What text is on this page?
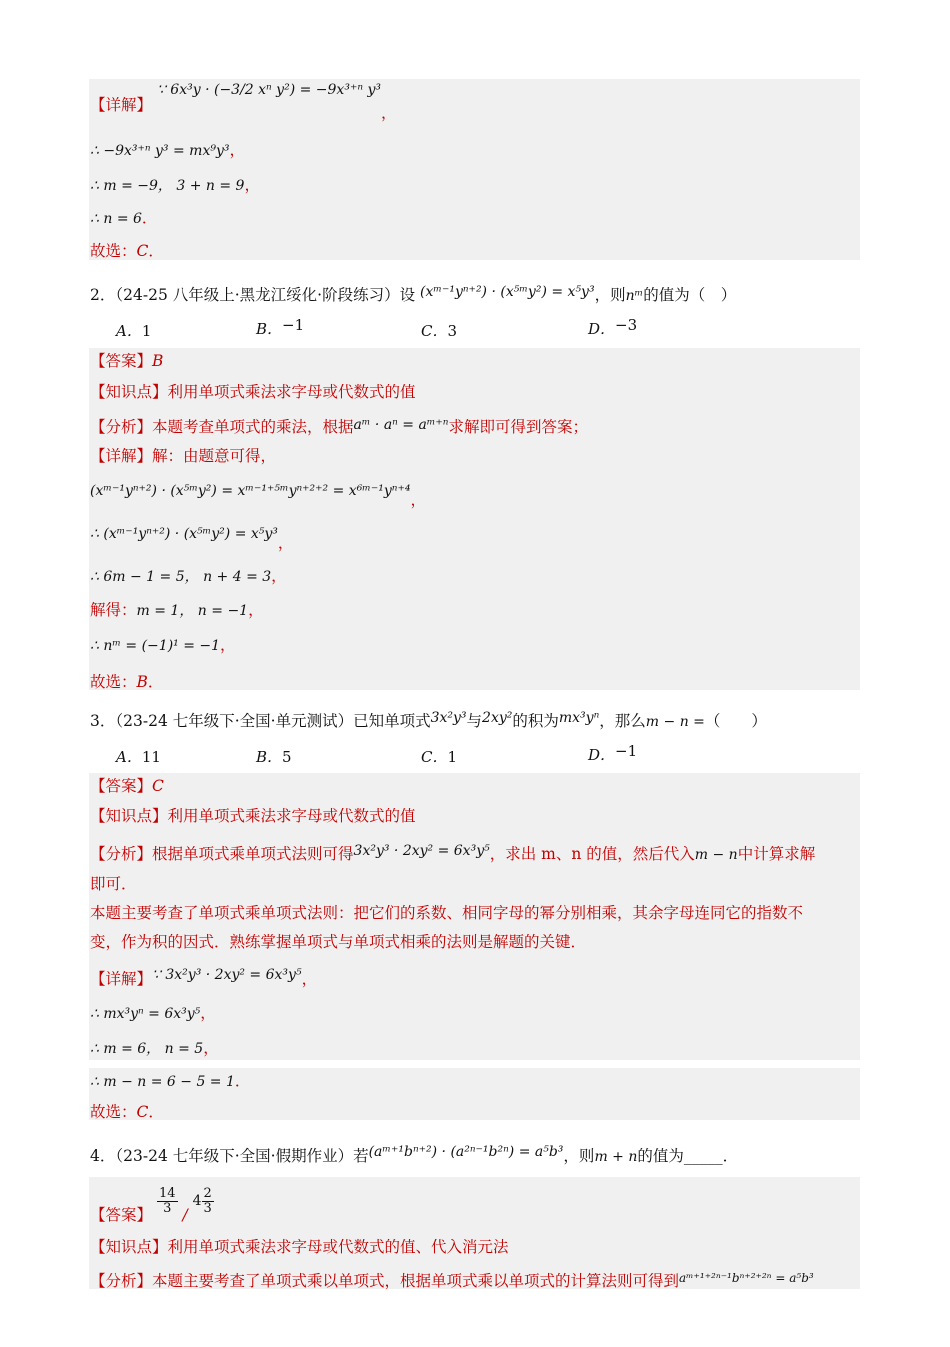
【详解】 ∵ 6x³y · (−3/2 xⁿ y²) = −9x³⁺ⁿ y³，
∴ −9x³⁺ⁿ y³ = mx⁹y³，
∴ m = −9， 3 + n = 9，
∴ n = 6．
故选：C．
2．（24-25 八年级上·黑龙江绥化·阶段练习）设 (xᵐ⁻¹yⁿ⁺²) · (x⁵ᵐy²) = x⁵y³，则nᵐ的值为（　）
A．1	B．−1	C．3	D．−3
【答案】B
【知识点】利用单项式乘法求字母或代数式的值
【分析】本题考查单项式的乘法，根据aᵐ · aⁿ = aᵐ⁺ⁿ求解即可得到答案；
【详解】解：由题意可得，
(xᵐ⁻¹yⁿ⁺²) · (x⁵ᵐy²) = xᵐ⁻¹⁺⁵ᵐyⁿ⁺²⁺² = x⁶ᵐ⁻¹yⁿ⁺⁴，
∴ (xᵐ⁻¹yⁿ⁺²) · (x⁵ᵐy²) = x⁵y³，
∴ 6m − 1 = 5， n + 4 = 3，
解得：m = 1， n = −1，
∴ nᵐ = (−1)¹ = −1，
故选：B．
3．（23-24 七年级下·全国·单元测试）已知单项式3x²y³与2xy²的积为mx³yⁿ，那么m − n =（　　）
A．11	B．5	C．1	D．−1
【答案】C
【知识点】利用单项式乘法求字母或代数式的值
【分析】根据单项式乘单项式法则可得3x²y³ · 2xy² = 6x³y⁵，求出 m、n 的值，然后代入m − n中计算求解
即可．
本题主要考查了单项式乘单项式法则：把它们的系数、相同字母的幂分别相乘，其余字母连同它的指数不
变，作为积的因式．熟练掌握单项式与单项式相乘的法则是解题的关键．
【详解】∵ 3x²y³ · 2xy² = 6x³y⁵，
∴ mx³yⁿ = 6x³y⁵，
∴ m = 6， n = 5，
∴ m − n = 6 − 5 = 1．
故选：C．
4．（23-24 七年级下·全国·假期作业）若(aᵐ⁺¹bⁿ⁺²) · (a²ⁿ⁻¹b²ⁿ) = a⁵b³，则m + n的值为_____．
【答案】 $\frac{14}{3} / 4 \frac{2}{3}$
【知识点】利用单项式乘法求字母或代数式的值、代入消元法
【分析】本题主要考查了单项式乘以单项式，根据单项式乘以单项式的计算法则可得到$^{aᵐ^{+1+2n-1}b^{n+2+2n} = a^5b^3}$
